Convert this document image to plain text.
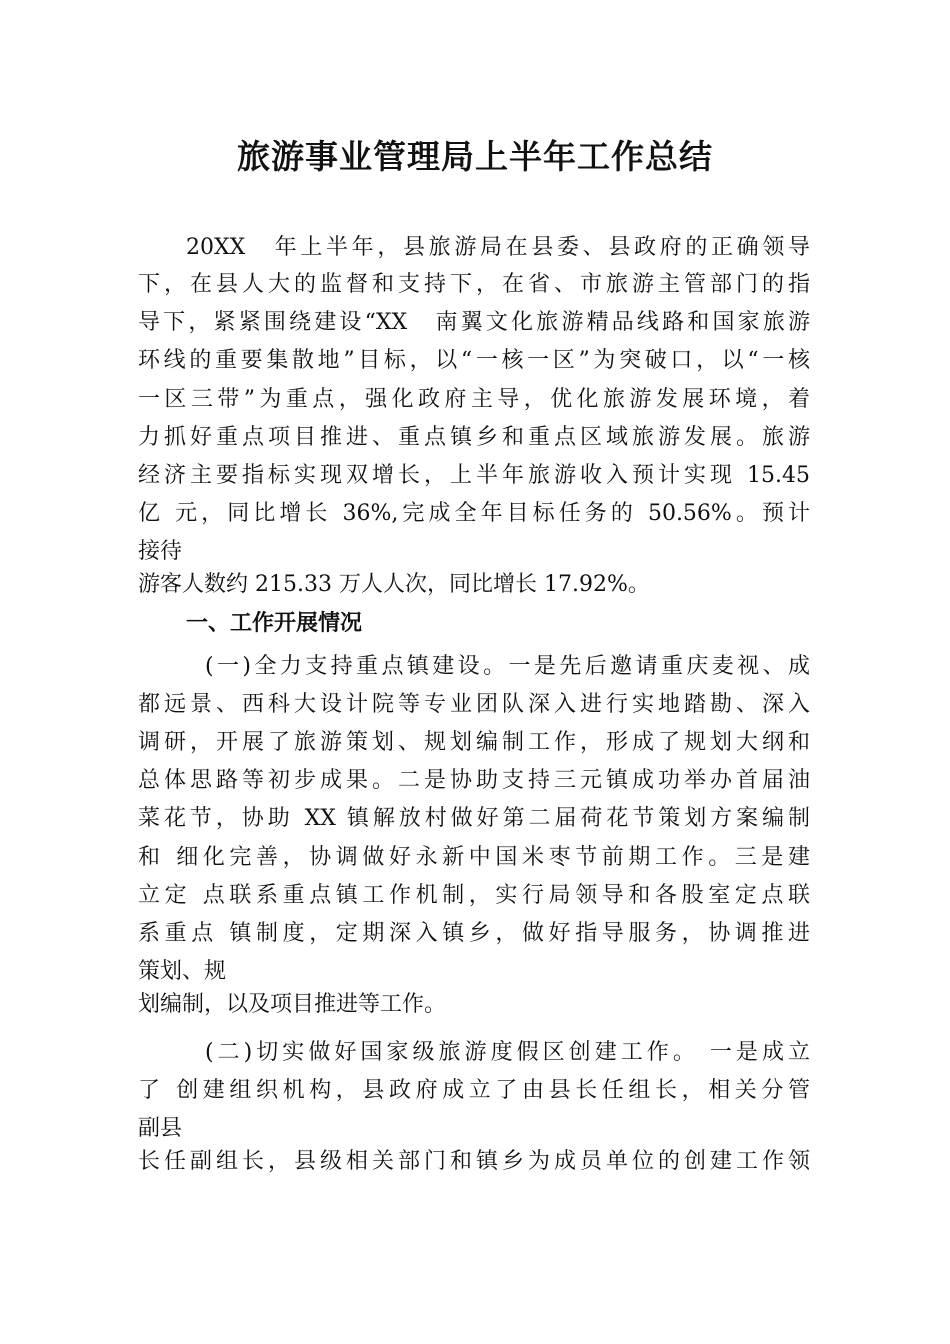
旅游事业管理局上半年工作总结
20XX　年上半年，县旅游局在县委、县政府的正确领导
下，在县人大的监督和支持下，在省、市旅游主管部门的指
导下，紧紧围绕建设“XX　南翼文化旅游精品线路和国家旅游
环线的重要集散地”目标，以“一核一区”为突破口，以“一核
一区三带”为重点，强化政府主导，优化旅游发展环境，着
力抓好重点项目推进、重点镇乡和重点区域旅游发展。旅游
经济主要指标实现双增长，上半年旅游收入预计实现 15.45
亿 元，同比增长 36%,完成全年目标任务的 50.56%。预计
接待
游客人数约 215.33 万人人次，同比增长 17.92%。
一、工作开展情况
(一)全力支持重点镇建设。一是先后邀请重庆麦视、成
都远景、西科大设计院等专业团队深入进行实地踏勘、深入
调研，开展了旅游策划、规划编制工作，形成了规划大纲和
总体思路等初步成果。二是协助支持三元镇成功举办首届油
菜花节，协助 XX 镇解放村做好第二届荷花节策划方案编制
和 细化完善，协调做好永新中国米枣节前期工作。三是建
立定 点联系重点镇工作机制，实行局领导和各股室定点联
系重点 镇制度，定期深入镇乡，做好指导服务，协调推进
策划、规
划编制，以及项目推进等工作。
(二)切实做好国家级旅游度假区创建工作。 一是成立
了 创建组织机构，县政府成立了由县长任组长，相关分管
副县
长任副组长，县级相关部门和镇乡为成员单位的创建工作领
